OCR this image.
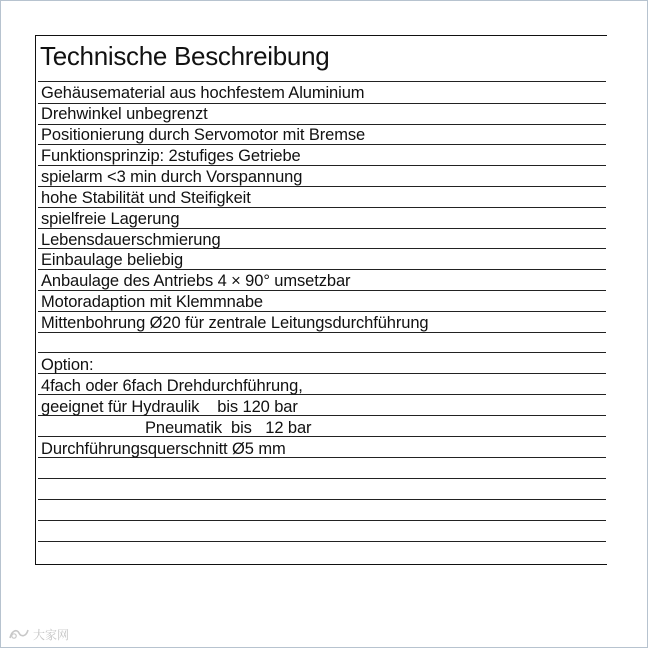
Technische Beschreibung
Gehäusematerial aus hochfestem Aluminium
Drehwinkel unbegrenzt
Positionierung durch Servomotor mit Bremse
Funktionsprinzip: 2stufiges Getriebe
spielarm <3 min durch Vorspannung
hohe Stabilität und Steifigkeit
spielfreie Lagerung
Lebensdauerschmierung
Einbaulage beliebig
Anbaulage des Antriebs 4 × 90° umsetzbar
Motoradaption mit Klemmnabe
Mittenbohrung Ø20 für zentrale Leitungsdurchführung
Option:
4fach oder 6fach Drehdurchführung,
geeignet für Hydraulik    bis 120 bar
Pneumatik  bis   12 bar
Durchführungsquerschnitt Ø5 mm
大家网
